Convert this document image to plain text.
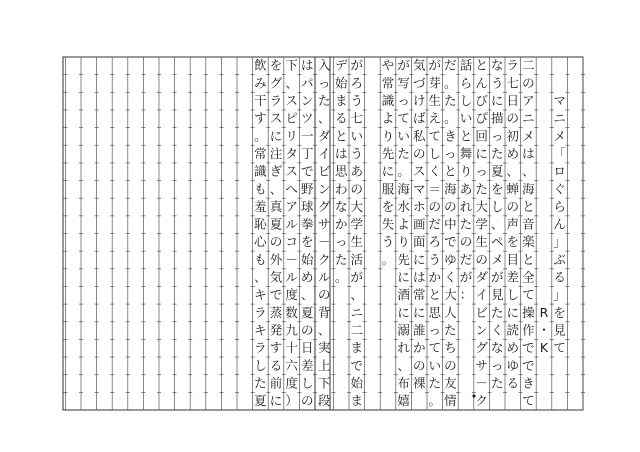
マ
ニ
メ
「
ロ
ぐ
ら
ん
」
ぶ
る
」
を
見
て
R
・
K
二
の
ア
ニ
メ
は
、
海
と
音
楽
と
全
て
操
作
で
で
き
て
ラ
七
日
の
初
め
、
蝉
の
声
を
目
差
し
に
読
め
ゆ
る
な
う
に
描
っ
た
夏
を
し
、
ペ
メ
が
見
た
く
な
っ
た
と
ん
び
ぴ
回
に
っ
た
大
学
生
の
ダ
イ
ビ
ン
グ
サ
－
ク
話
ら
し
い
と
舞
り
あ
れ
た
の
だ
が
：
だ
。
た
。
き
っ
と
海
の
中
で
ゆ
く
大
人
た
ち
の
友
情
が
芽
生
え
て
し
く
＝
の
だ
ろ
う
か
と
思
っ
て
い
た
。
気
づ
け
ば
私
の
ス
マ
ホ
画
面
に
は
常
に
誰
か
の
裸
が
写
っ
て
い
た
。
海
水
よ
り
先
に
酒
に
溺
れ
、
布
嬉
や
常
識
よ
り
先
に
服
を
失
う
。
が
ろ
う
七
い
う
あ
の
大
学
生
活
が
、
ニ
二
ま
で
始
ま
デ
始
ま
る
と
は
思
わ
な
か
っ
た
。
入
っ
た
、
ダ
イ
ビ
ン
グ
サ
－
ク
ル
の
背
、
実
上
下
段
は
パ
ン
ツ
一
丁
で
野
球
拳
を
始
め
、
夏
の
日
差
し
の
下
、
ス
ピ
リ
タ
ス
へ
ア
ル
コ
－
ル
度
数
九
十
六
度
）
を
グ
ラ
ス
に
注
ぎ
、
真
夏
の
外
気
で
蒸
発
す
る
前
に
飲
み
干
す
。
常
識
も
羞
恥
心
も
、
キ
ラ
キ
ラ
し
た
夏
